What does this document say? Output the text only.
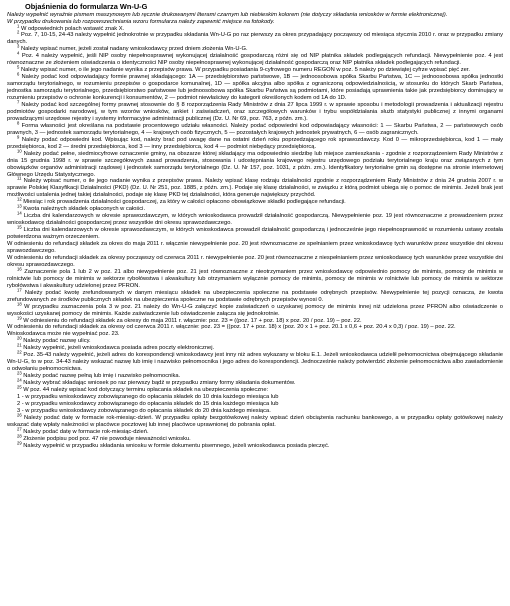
Objaśnienia do formularza Wn-U-G

Należy wypełnić wyraźnie pismem maszynowym lub ręcznie drukowanymi literami czarnym lub niebieskim kolorem (nie dotyczy składania wniosków w formie elektronicznej).

W przypadku drukowania lub rozpowszechniania wzoru formularza należy zapewnić miejsce na fotokody.

$^1$ W odpowiednich polach wstawić znak X.

$^2$ Poz. 7, 10-15, 24-43 należy wypełnić jednokrotnie w przypadku składania Wn-U-G po raz pierwszy za okres przypadający począwszy od miesiąca stycznia 2010 r. oraz w przypadku zmiany danych.

$^3$ Należy wpisać numer, jeżeli został nadany wnioskodawcy przed dniem złożenia Wn-U-G.

$^4$ Poz. 4 należy wypełnić, jeśli NIP osoby niepełnosprawnej wykonującej działalność gospodarczą różni się od NIP płatnika składek podlegających refundacji. Niewypełnienie poz. 4 jest równoznaczne ze złożeniem oświadczenia o identyczności NIP osoby niepełnosprawnej wykonującej działalność gospodarczą oraz NIP płatnika składek podlegających refundacji.

$^5$ Należy wpisać numer, o ile jego nadanie wynika z przepisów prawa. W przypadku posiadania 9-cyfrowego numeru REGON w poz. 5 należy po dziewiątej cyfrze wpisać pięć zer.

$^6$ Należy podać kod odpowiadający formie prawnej składającego: 1A — przedsiębiorstwo państwowe, 1B — jednoosobowa spółka Skarbu Państwa, 1C — jednoosobowa spółka jednostki samorządu terytorialnego, w rozumieniu przepisów o gospodarce komunalnej, 1D — spółka akcyjna albo spółka z ograniczoną odpowiedzialnością, w stosunku do których Skarb Państwa, jednostka samorządu terytorialnego, przedsiębiorstwo państwowe lub jednoosobowa spółka Skarbu Państwa są podmiotami, które posiadają uprawnienia takie jak przedsiębiorcy dominujący w rozumieniu przepisów o ochronie konkurencji i konsumentów, 2 — podmiot niewłaściwy do kategorii określonych kodem od 1A do 1D.

$^7$ Należy podać kod szczególnej formy prawnej stosownie do § 8 rozporządzenia Rady Ministrów z dnia 27 lipca 1999 r. w sprawie sposobu i metodologii prowadzenia i aktualizacji rejestru podmiotów gospodarki narodowej, w tym wzorów wniosków, ankiet i zaświadczeń, oraz szczegółowych warunków i trybu współdziałania służb statystyki publicznej z innymi organami prowadzącymi urzędowe rejestry i systemy informacyjne administracji publicznej (Dz. U. Nr 69, poz. 763, z późn. zm.).

$^8$ Forma własności jest określana na podstawie procentowego udziału własności. Należy podać odpowiedni kod odpowiadający własności: 1 — Skarbu Państwa, 2 — państwowych osób prawnych, 3 — jednostek samorządu terytorialnego, 4 — krajowych osób fizycznych, 5 — pozostałych krajowych jednostek prywatnych, 6 — osób zagranicznych.

$^9$ Należy podać odpowiedni kod. Wpisując kod, należy brać pod uwagę dane na ostatni dzień roku poprzedzającego rok sprawozdawczy. Kod 0 — mikroprzedsiębiorca, kod 1 — mały przedsiębiorca, kod 2 — średni przedsiębiorca, kod 3 — inny przedsiębiorca, kod 4 — podmiot niebędący przedsiębiorcą.

$^{10}$ Należy podać pełne, siedmiocyfrowe oznaczenie gminy, na obszarze której składający ma odpowiednio siedzibę lub miejsce zamieszkania - zgodnie z rozporządzeniem Rady Ministrów z dnia 15 grudnia 1998 r. w sprawie szczegółowych zasad prowadzenia, stosowania i udostępniania krajowego rejestru urzędowego podziału terytorialnego kraju oraz związanych z tym obowiązków organów administracji rządowej i jednostek samorządu terytorialnego (Dz. U. Nr 157, poz. 1031, z późn. zm.). Identyfikatory terytorialne gmin są dostępne na stronie internetowej Głównego Urzędu Statystycznego.

$^{11}$ Należy wpisać numer, o ile jego nadanie wynika z przepisów prawa. Należy wpisać klasę rodzaju działalności zgodnie z rozporządzeniem Rady Ministrów z dnia 24 grudnia 2007 r. w sprawie Polskiej Klasyfikacji Działalności (PKD) (Dz. U. Nr 251, poz. 1885, z późn. zm.). Podaje się klasę działalności, w związku z którą podmiot ubiega się o pomoc de minimis. Jeżeli brak jest możliwości ustalenia jednej takiej działalności, podaje się klasę PKD tej działalności, która generuje największy przychód.

$^{12}$ Miesiąc i rok prowadzenia działalności gospodarczej, za który w całości opłacono obowiązkowe składki podlegające refundacji.

$^{13}$ Kwota należnych składek opłaconych w całości.

$^{14}$ Liczba dni kalendarzowych w okresie sprawozdawczym, w których wnioskodawca prowadził działalność gospodarczą. Niewypełnienie poz. 19 jest równoznaczne z prowadzeniem przez wnioskodawcę działalności gospodarczej przez wszystkie dni okresu sprawozdawczego.

$^{15}$ Liczba dni kalendarzowych w okresie sprawozdawczym, w których wnioskodawca prowadził działalność gospodarczą i jednocześnie jego niepełnosprawność w rozumieniu ustawy została potwierdzona ważnym orzeczeniem.

W odniesieniu do refundacji składek za okres do maja 2011 r. włącznie niewypełnienie poz. 20 jest równoznaczne ze spełnianiem przez wnioskodawcę tych warunków przez wszystkie dni okresu sprawozdawczego.

W odniesieniu do refundacji składek za okresy począwszy od czerwca 2011 r. niewypełnienie poz. 20 jest równoznaczne z niespełnianiem przez wnioskodawcę tych warunków przez wszystkie dni okresu sprawozdawczego.

$^{16}$ Zaznaczenie pola 1 lub 2 w poz. 21 albo niewypełnienie poz. 21 jest równoznaczne z nieotrzymaniem przez wnioskodawcę odpowiednio pomocy de minimis, pomocy de minimis w rolnictwie lub pomocy de minimis w sektorze rybołówstwa i akwakultury lub otrzymaniem wyłącznie pomocy de minimis, pomocy de minimis w rolnictwie lub pomocy de minimis w sektorze rybołówstwa i akwakultury udzielonej przez PFRON.

$^{17}$ Należy podać kwotę zrefundowanych w danym miesiącu składek na ubezpieczenia społeczne na podstawie odrębnych przepisów. Niewypełnienie tej pozycji oznacza, że kwota zrefundowanych ze środków publicznych składek na ubezpieczenia społeczne na podstawie odrębnych przepisów wynosi 0.

$^{18}$ W przypadku zaznaczenia pola 3 w poz. 21 należy do Wn-U-G załączyć kopie zaświadczeń o uzyskanej pomocy de minimis innej niż udzielona przez PFRON albo oświadczenie o wysokości uzyskanej pomocy de minimis. Każde zaświadczenie lub oświadczenie załącza się jednokrotnie.

$^{19}$ W odniesieniu do refundacji składek za okresy do maja 2011 r. włącznie: poz. 23 = ((poz. 17 + poz. 18) x poz. 20 / poz. 19) – poz. 22.

W odniesieniu do refundacji składek za okresy od czerwca 2011 r. włącznie: poz. 23 = ((poz. 17 + poz. 18) x (poz. 20 x 1 + poz. 20.1 x 0,6 + poz. 20.4 x 0,3) / poz. 19) – poz. 22.

Wnioskodawca może nie wypełniać poz. 23.

$^{20}$ Należy podać nazwę ulicy.

$^{21}$ Należy wypełnić, jeżeli wnioskodawca posiada adres poczty elektronicznej.

$^{22}$ Poz. 35-43 należy wypełnić, jeżeli adres do korespondencji wnioskodawcy jest inny niż adres wykazany w bloku E.1. Jeżeli wnioskodawca udzielił pełnomocnictwa obejmującego składanie Wn-U-G, to w poz. 34-43 należy wskazać nazwę lub imię i nazwisko pełnomocnika i jego adres do korespondencji. Jednocześnie należy potwierdzić złożenie pełnomocnictwa albo zawiadomienie o odwołaniu pełnomocnictwa.

$^{23}$ Należy podać nazwę pełną lub imię i nazwisko pełnomocnika.

$^{24}$ Należy wybrać składając wniosek po raz pierwszy bądź w przypadku zmiany formy składania dokumentów.

$^{25}$ W poz. 44 należy wpisać kod dotyczący terminu opłacania składek na ubezpieczenia społeczne:

1 - w przypadku wnioskodawcy zobowiązanego do opłacania składek do 10 dnia każdego miesiąca lub

2 - w przypadku wnioskodawcy zobowiązanego do opłacania składek do 15 dnia każdego miesiąca lub

3 - w przypadku wnioskodawcy zobowiązanego do opłacania składek do 20 dnia każdego miesiąca.

$^{26}$ Należy podać datę w formacie rok-miesiąc-dzień. W przypadku opłaty bezgotówkowej należy wpisać dzień obciążenia rachunku bankowego, a w przypadku opłaty gotówkowej należy wskazać datę wpłaty należności w placówce pocztowej lub innej placówce uprawnionej do pobrania opłat.

$^{27}$ Należy podać datę w formacie rok-miesiąc-dzień.

$^{28}$ Złożenie podpisu pod poz. 47 nie powoduje nieważności wniosku.

$^{29}$ Należy wypełnić w przypadku składania wniosku w formie dokumentu pisemnego, jeżeli wnioskodawca posiada pieczęć.
